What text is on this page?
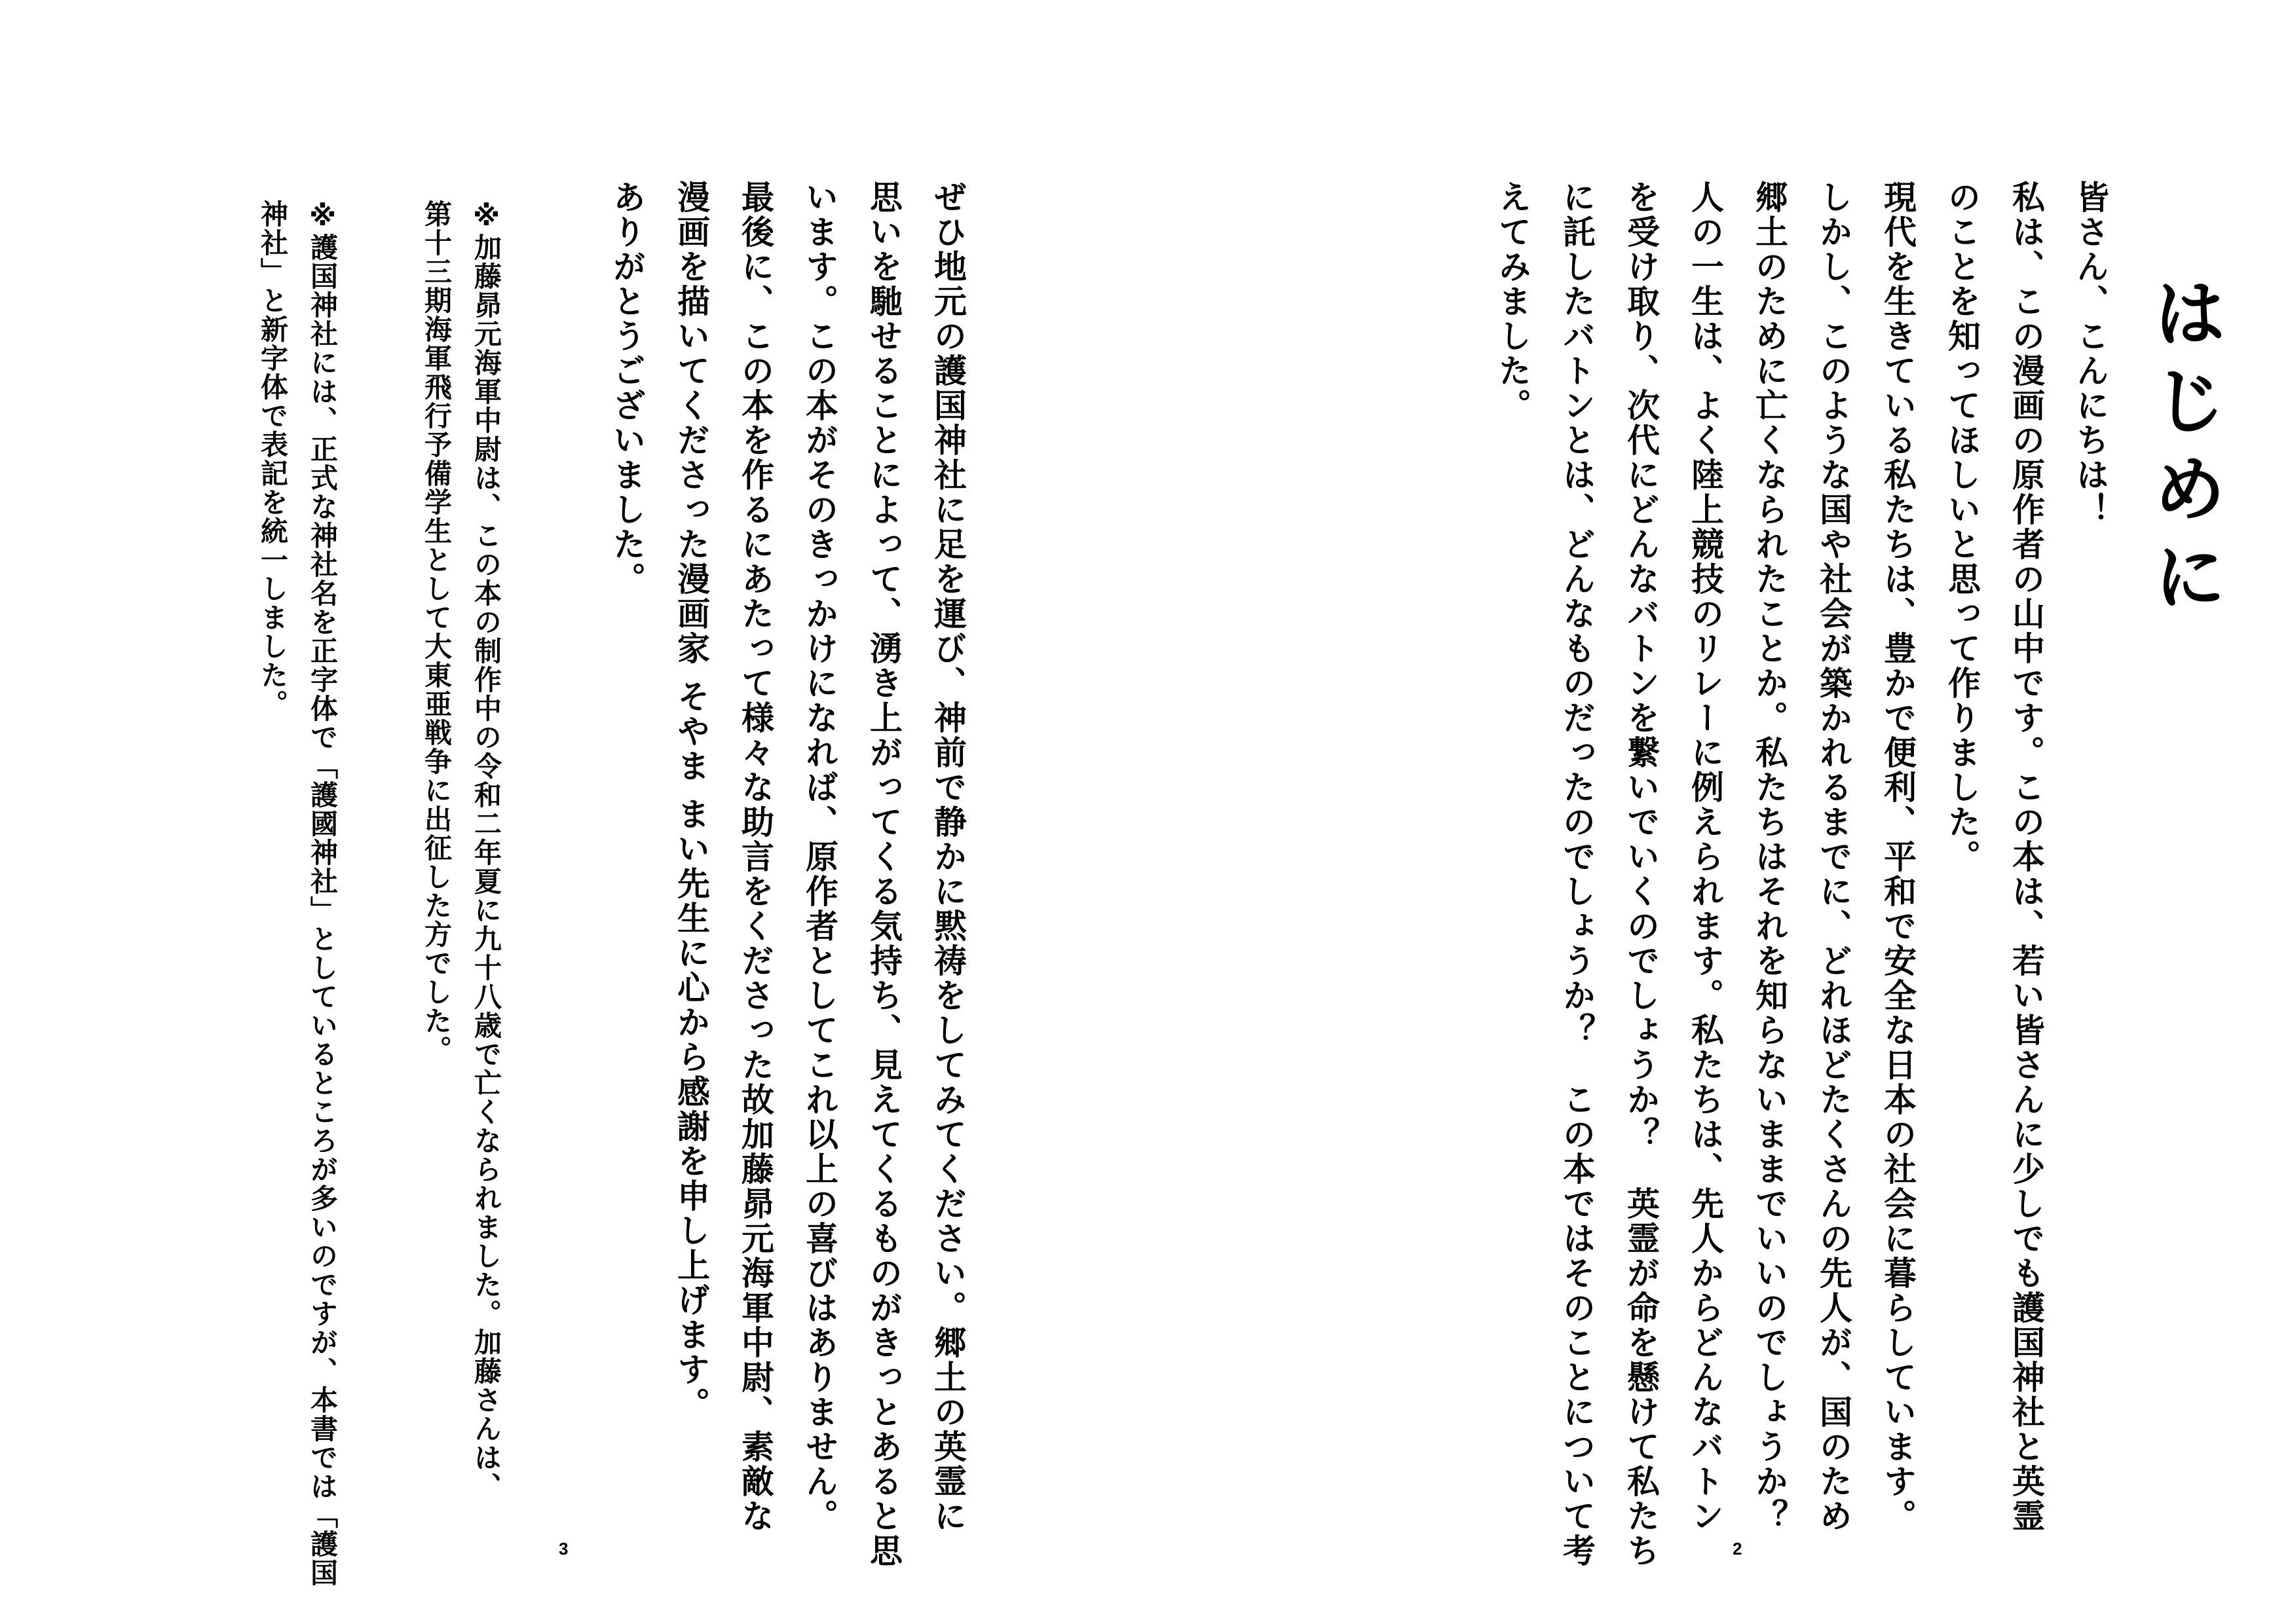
はじめに

皆さん、こんにちは！
私は、この漫画の原作者の山中です。この本は、若い皆さんに少しでも護国神社と英霊
のことを知ってほしいと思って作りました。

現代を生きている私たちは、豊かで便利、平和で安全な日本の社会に暮らしています。
しかし、このような国や社会が築かれるまでに、どれほどたくさんの先人が、国のため
郷土のために亡くなられたことか。私たちはそれを知らないままでいいのでしょうか？

人の一生は、よく陸上競技のリレーに例えられます。私たちは、先人からどんなバトン
を受け取り、次代にどんなバトンを繋いでいくのでしょうか？　英霊が命を懸けて私たち
に託したバトンとは、どんなものだったのでしょうか？　この本ではそのことについて考
えてみました。

2

ぜひ地元の護国神社に足を運び、神前で静かに黙祷をしてみてください。郷土の英霊に
思いを馳せることによって、湧き上がってくる気持ち、見えてくるものがきっとあると思
います。この本がそのきっかけになれば、原作者としてこれ以上の喜びはありません。

最後に、この本を作るにあたって様々な助言をくださった故加藤昴元海軍中尉、素敵な
漫画を描いてくださった漫画家 そやま まい先生に心から感謝を申し上げます。
ありがとうございました。

※加藤昴元海軍中尉は、この本の制作中の令和二年夏に九十八歳で亡くなられました。加藤さんは、
第十三期海軍飛行予備学生として大東亜戦争に出征した方でした。

※護国神社には、正式な神社名を正字体で「護國神社」としているところが多いのですが、本書では「護国
神社」と新字体で表記を統一しました。

3
